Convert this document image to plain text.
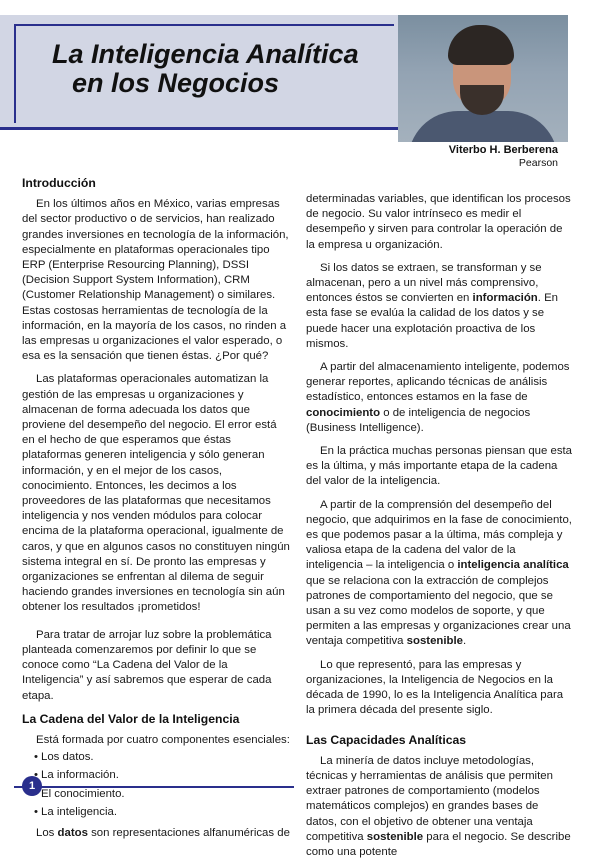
La Inteligencia Analítica
en los Negocios
Viterbo H. Berberena
Pearson
Introducción

En los últimos años en México, varias empresas del sector productivo o de servicios, han realizado grandes inversiones en tecnología de la información, especialmente en plataformas operacionales tipo ERP (Enterprise Resourcing Planning), DSSI (Decision Support System Information), CRM (Customer Relationship Management) o similares. Estas costosas herramientas de tecnología de la información, en la mayoría de los casos, no rinden a las empresas u organizaciones el valor esperado, o esa es la sensación que tienen éstas. ¿Por qué?

Las plataformas operacionales automatizan la gestión de las empresas u organizaciones y almacenan de forma adecuada los datos que proviene del desempeño del negocio. El error está en el hecho de que esperamos que éstas plataformas generen inteligencia y sólo generan información, y en el mejor de los casos, conocimiento. Entonces, les decimos a los proveedores de las plataformas que necesitamos inteligencia y nos venden módulos para colocar encima de la plataforma operacional, igualmente de caros, y que en algunos casos no constituyen ningún sistema integral en sí. De pronto las empresas y organizaciones se enfrentan al dilema de seguir haciendo grandes inversiones en tecnología sin aún obtener los resultados ¡prometidos!

Para tratar de arrojar luz sobre la problemática planteada comenzaremos por definir lo que se conoce como “La Cadena del Valor de la Inteligencia” y así sabremos que esperar de cada etapa.

La Cadena del Valor de la Inteligencia

Está formada por cuatro componentes esenciales:

• Los datos.
• La información.
• El conocimiento.
• La inteligencia.

Los datos son representaciones alfanuméricas de

determinadas variables, que identifican los procesos de negocio. Su valor intrínseco es medir el desempeño y sirven para controlar la operación de la empresa u organización.

Si los datos se extraen, se transforman y se almacenan, pero a un nivel más comprensivo, entonces éstos se convierten en información. En esta fase se evalúa la calidad de los datos y se puede hacer una explotación proactiva de los mismos.

A partir del almacenamiento inteligente, podemos generar reportes, aplicando técnicas de análisis estadístico, entonces estamos en la fase de conocimiento o de inteligencia de negocios (Business Intelligence).

En la práctica muchas personas piensan que esta es la última, y más importante etapa de la cadena del valor de la inteligencia.

A partir de la comprensión del desempeño del negocio, que adquirimos en la fase de conocimiento, es que podemos pasar a la última, más compleja y valiosa etapa de la cadena del valor de la inteligencia – la inteligencia o inteligencia analítica que se relaciona con la extracción de complejos patrones de comportamiento del negocio, que se usan a su vez como modelos de soporte, y que permiten a las empresas y organizaciones crear una ventaja competitiva sostenible.

Lo que representó, para las empresas y organizaciones, la Inteligencia de Negocios en la década de 1990, lo es la Inteligencia Analítica para la primera década del presente siglo.

Las Capacidades Analíticas

La minería de datos incluye metodologías, técnicas y herramientas de análisis que permiten extraer patrones de comportamiento (modelos matemáticos complejos) en grandes bases de datos, con el objetivo de obtener una ventaja competitiva sostenible para el negocio. Se describe como una potente

1
